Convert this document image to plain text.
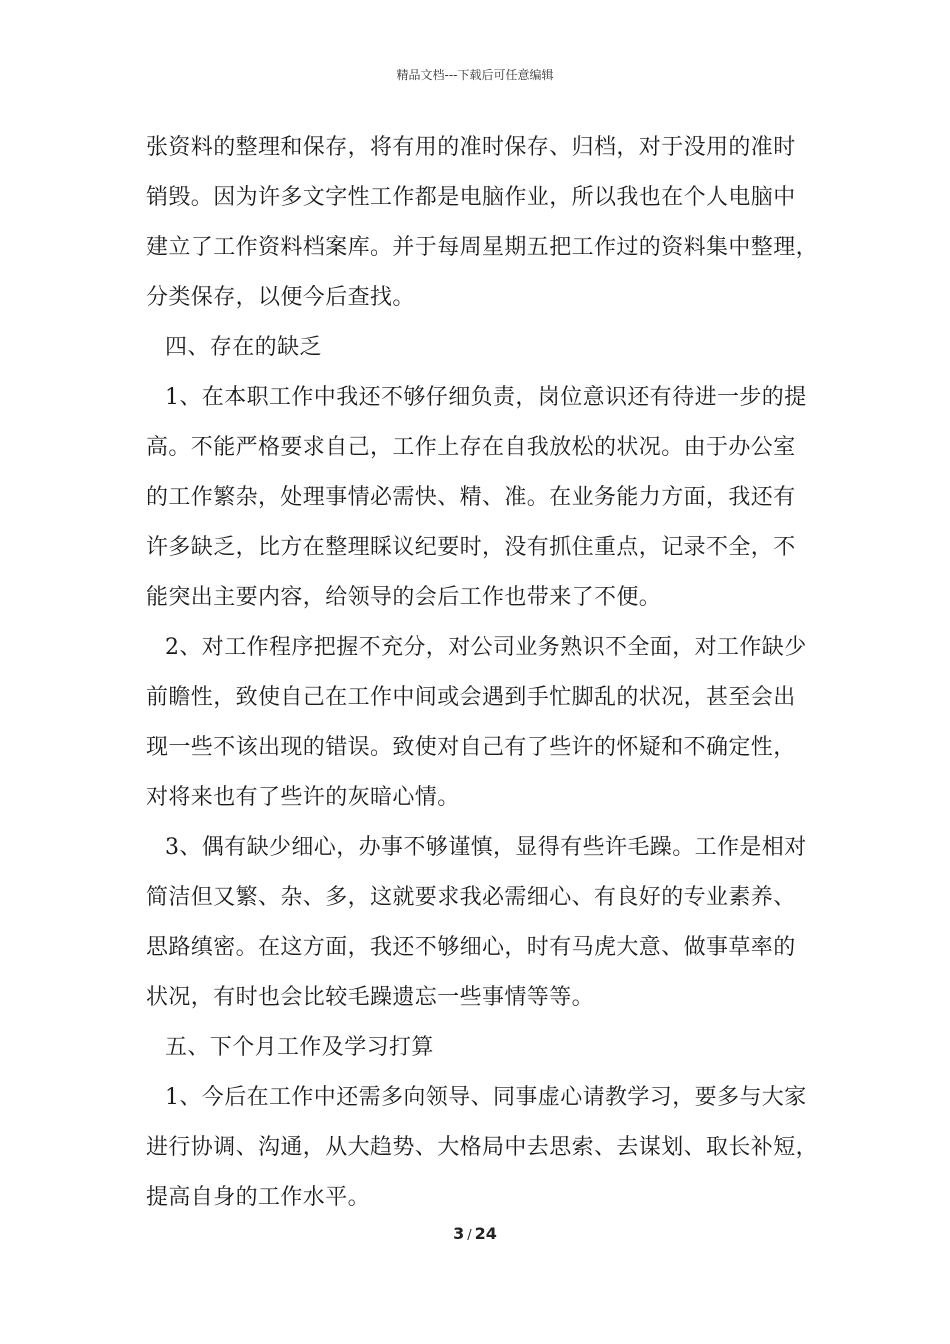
精品文档---下载后可任意编辑
张资料的整理和保存，将有用的准时保存、归档，对于没用的准时
销毁。因为许多文字性工作都是电脑作业，所以我也在个人电脑中
建立了工作资料档案库。并于每周星期五把工作过的资料集中整理，
分类保存，以便今后查找。
四、存在的缺乏
1、在本职工作中我还不够仔细负责，岗位意识还有待进一步的提
高。不能严格要求自己，工作上存在自我放松的状况。由于办公室
的工作繁杂，处理事情必需快、精、准。在业务能力方面，我还有
许多缺乏，比方在整理睬议纪要时，没有抓住重点，记录不全，不
能突出主要内容，给领导的会后工作也带来了不便。
2、对工作程序把握不充分，对公司业务熟识不全面，对工作缺少
前瞻性，致使自己在工作中间或会遇到手忙脚乱的状况，甚至会出
现一些不该出现的错误。致使对自己有了些许的怀疑和不确定性，
对将来也有了些许的灰暗心情。
3、偶有缺少细心，办事不够谨慎，显得有些许毛躁。工作是相对
简洁但又繁、杂、多，这就要求我必需细心、有良好的专业素养、
思路缜密。在这方面，我还不够细心，时有马虎大意、做事草率的
状况，有时也会比较毛躁遗忘一些事情等等。
五、下个月工作及学习打算
1、今后在工作中还需多向领导、同事虚心请教学习，要多与大家
进行协调、沟通，从大趋势、大格局中去思索、去谋划、取长补短，
提高自身的工作水平。
3 / 24
